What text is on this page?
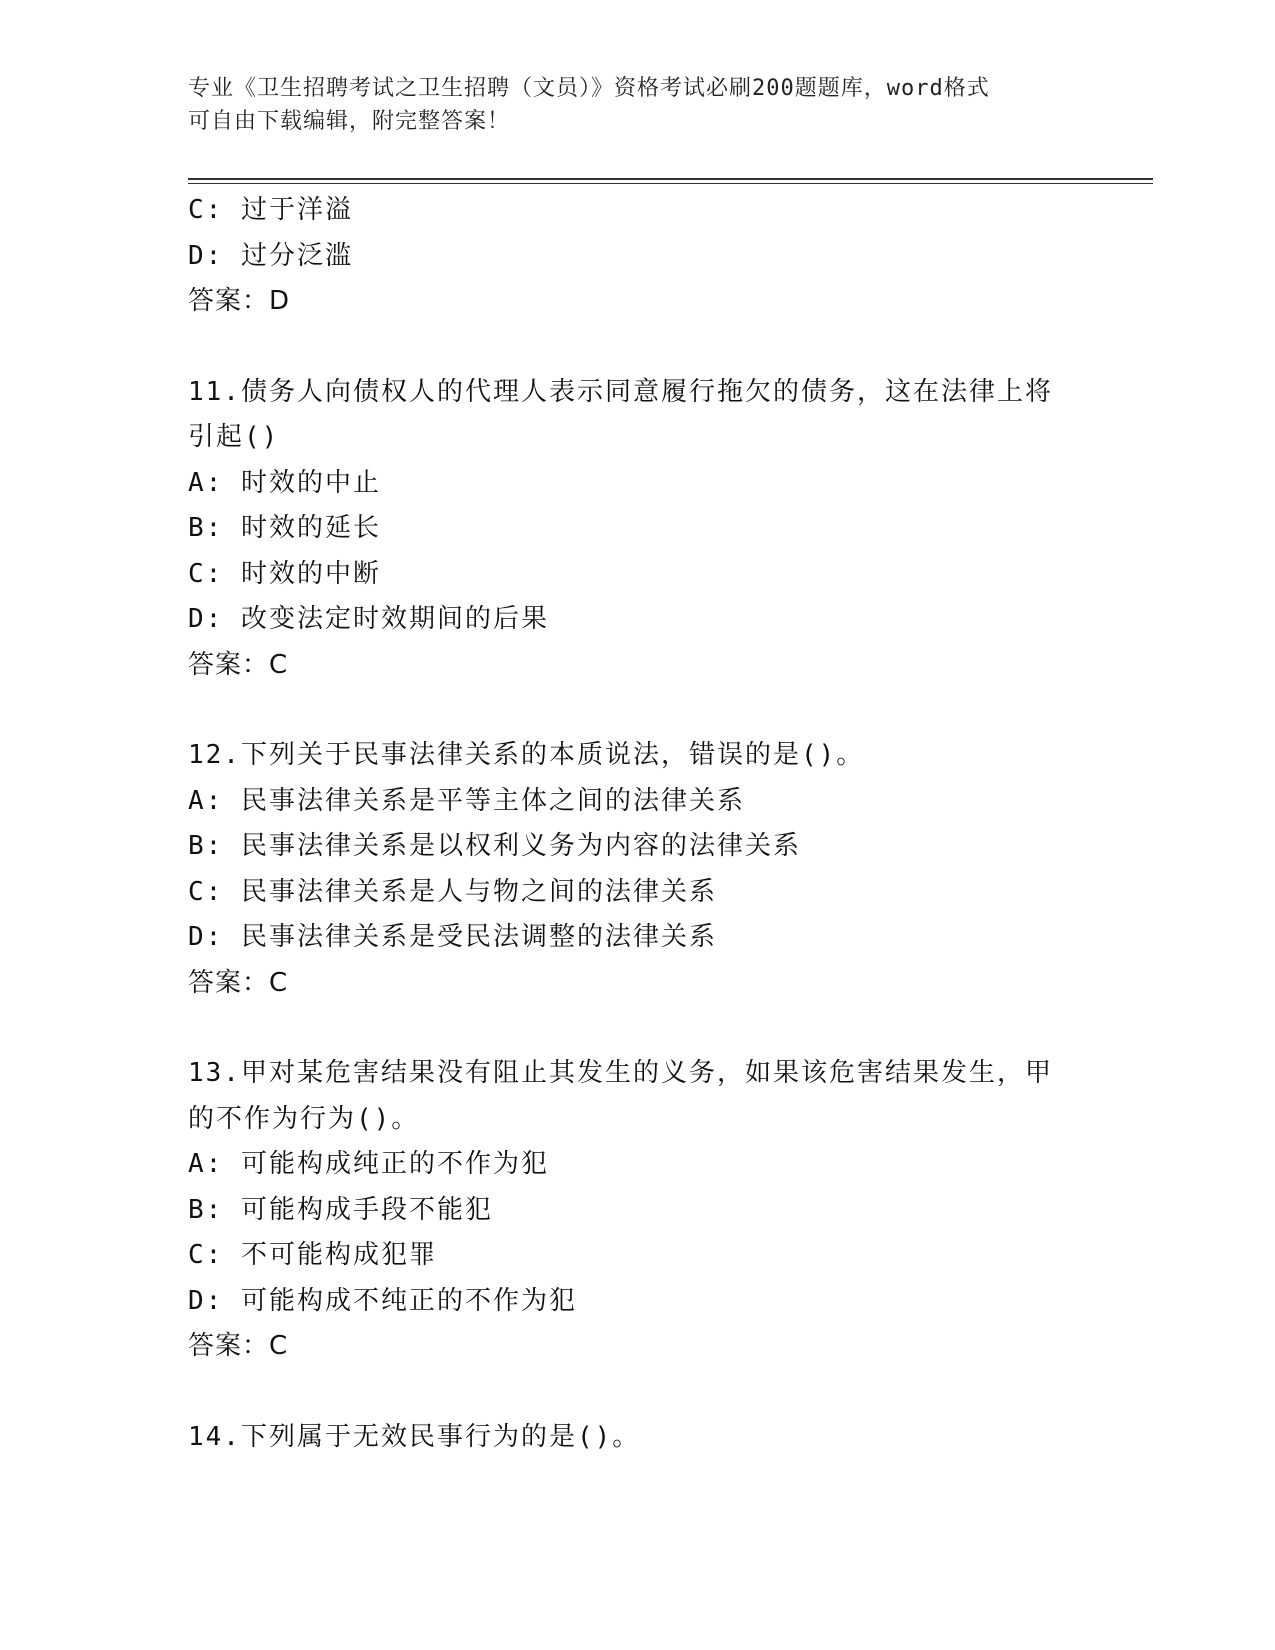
专业《卫生招聘考试之卫生招聘（文员）》资格考试必刷200题题库，word格式
可自由下载编辑，附完整答案！
C: 过于洋溢
D: 过分泛滥
答案：D
11.债务人向债权人的代理人表示同意履行拖欠的债务，这在法律上将
引起()
A: 时效的中止
B: 时效的延长
C: 时效的中断
D: 改变法定时效期间的后果
答案：C
12.下列关于民事法律关系的本质说法，错误的是()。
A: 民事法律关系是平等主体之间的法律关系
B: 民事法律关系是以权利义务为内容的法律关系
C: 民事法律关系是人与物之间的法律关系
D: 民事法律关系是受民法调整的法律关系
答案：C
13.甲对某危害结果没有阻止其发生的义务，如果该危害结果发生，甲
的不作为行为()。
A: 可能构成纯正的不作为犯
B: 可能构成手段不能犯
C: 不可能构成犯罪
D: 可能构成不纯正的不作为犯
答案：C
14.下列属于无效民事行为的是()。
